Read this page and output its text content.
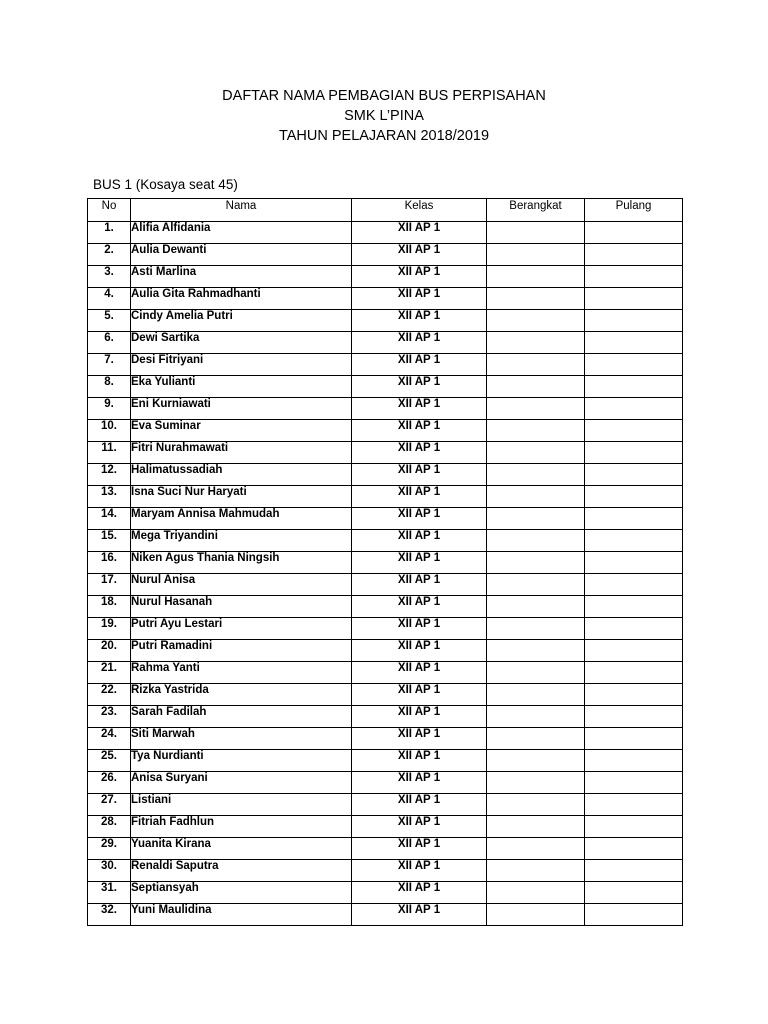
DAFTAR NAMA PEMBAGIAN BUS PERPISAHAN
SMK L’PINA
TAHUN PELAJARAN 2018/2019
BUS 1 (Kosaya seat 45)
No	Nama	Kelas	Berangkat	Pulang
1.	Alifia Alfidania	XII AP 1		
2.	Aulia Dewanti	XII AP 1		
3.	Asti Marlina	XII AP 1		
4.	Aulia Gita Rahmadhanti	XII AP 1		
5.	Cindy Amelia Putri	XII AP 1		
6.	Dewi Sartika	XII AP 1		
7.	Desi Fitriyani	XII AP 1		
8.	Eka Yulianti	XII AP 1		
9.	Eni Kurniawati	XII AP 1		
10.	Eva Suminar	XII AP 1		
11.	Fitri Nurahmawati	XII AP 1		
12.	Halimatussadiah	XII AP 1		
13.	Isna Suci Nur Haryati	XII AP 1		
14.	Maryam Annisa Mahmudah	XII AP 1		
15.	Mega Triyandini	XII AP 1		
16.	Niken Agus Thania Ningsih	XII AP 1		
17.	Nurul Anisa	XII AP 1		
18.	Nurul Hasanah	XII AP 1		
19.	Putri Ayu Lestari	XII AP 1		
20.	Putri Ramadini	XII AP 1		
21.	Rahma Yanti	XII AP 1		
22.	Rizka Yastrida	XII AP 1		
23.	Sarah Fadilah	XII AP 1		
24.	Siti Marwah	XII AP 1		
25.	Tya Nurdianti	XII AP 1		
26.	Anisa Suryani	XII AP 1		
27.	Listiani	XII AP 1		
28.	Fitriah Fadhlun	XII AP 1		
29.	Yuanita Kirana	XII AP 1		
30.	Renaldi Saputra	XII AP 1		
31.	Septiansyah	XII AP 1		
32.	Yuni Maulidina	XII AP 1		
